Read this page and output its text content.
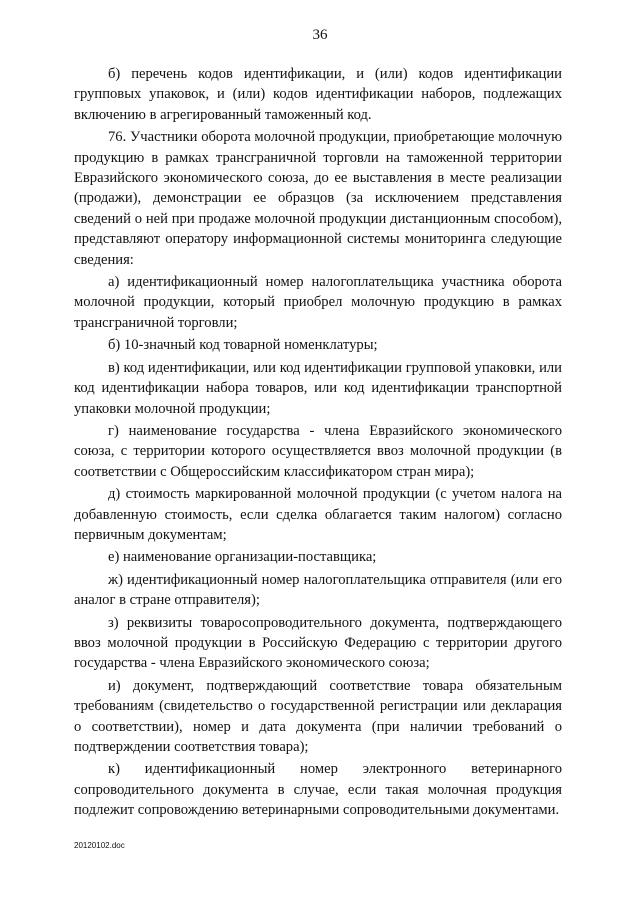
36

б) перечень кодов идентификации, и (или) кодов идентификации групповых упаковок, и (или) кодов идентификации наборов, подлежащих включению в агрегированный таможенный код.

76. Участники оборота молочной продукции, приобретающие молочную продукцию в рамках трансграничной торговли на таможенной территории Евразийского экономического союза, до ее выставления в месте реализации (продажи), демонстрации ее образцов (за исключением представления сведений о ней при продаже молочной продукции дистанционным способом), представляют оператору информационной системы мониторинга следующие сведения:

а) идентификационный номер налогоплательщика участника оборота молочной продукции, который приобрел молочную продукцию в рамках трансграничной торговли;

б) 10-значный код товарной номенклатуры;

в) код идентификации, или код идентификации групповой упаковки, или код идентификации набора товаров, или код идентификации транспортной упаковки молочной продукции;

г) наименование государства - члена Евразийского экономического союза, с территории которого осуществляется ввоз молочной продукции (в соответствии с Общероссийским классификатором стран мира);

д) стоимость маркированной молочной продукции (с учетом налога на добавленную стоимость, если сделка облагается таким налогом) согласно первичным документам;

е) наименование организации-поставщика;

ж) идентификационный номер налогоплательщика отправителя (или его аналог в стране отправителя);

з) реквизиты товаросопроводительного документа, подтверждающего ввоз молочной продукции в Российскую Федерацию с территории другого государства - члена Евразийского экономического союза;

и) документ, подтверждающий соответствие товара обязательным требованиям (свидетельство о государственной регистрации или декларация о соответствии), номер и дата документа (при наличии требований о подтверждении соответствия товара);

к) идентификационный номер электронного ветеринарного сопроводительного документа в случае, если такая молочная продукция подлежит сопровождению ветеринарными сопроводительными документами.

20120102.doc
